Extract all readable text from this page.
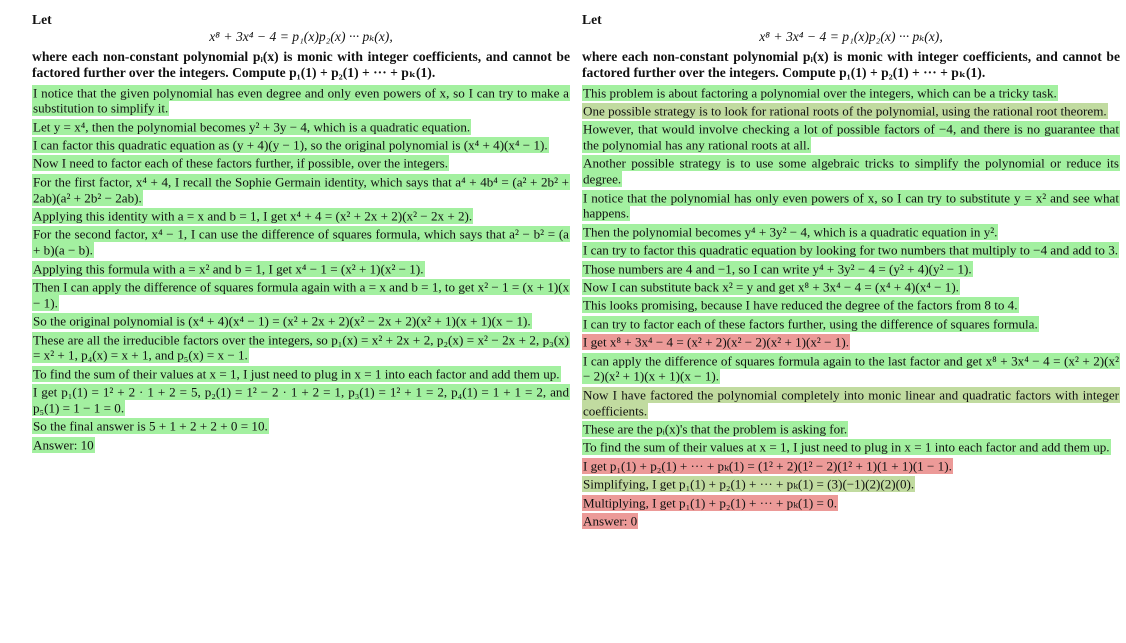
Let
x⁸ + 3x⁴ − 4 = p₁(x)p₂(x) ··· pₖ(x),
where each non-constant polynomial pᵢ(x) is monic with integer coefficients, and cannot be factored further over the integers. Compute p₁(1) + p₂(1) + ··· + pₖ(1).
I notice that the given polynomial has even degree and only even powers of x, so I can try to make a substitution to simplify it.
Let y = x⁴, then the polynomial becomes y² + 3y − 4, which is a quadratic equation.
I can factor this quadratic equation as (y + 4)(y − 1), so the original polynomial is (x⁴ + 4)(x⁴ − 1).
Now I need to factor each of these factors further, if possible, over the integers.
For the first factor, x⁴ + 4, I recall the Sophie Germain identity, which says that a⁴ + 4b⁴ = (a² + 2b² + 2ab)(a² + 2b² − 2ab).
Applying this identity with a = x and b = 1, I get x⁴ + 4 = (x² + 2x + 2)(x² − 2x + 2).
For the second factor, x⁴ − 1, I can use the difference of squares formula, which says that a² − b² = (a + b)(a − b).
Applying this formula with a = x² and b = 1, I get x⁴ − 1 = (x² + 1)(x² − 1).
Then I can apply the difference of squares formula again with a = x and b = 1, to get x² − 1 = (x + 1)(x − 1).
So the original polynomial is (x⁴ + 4)(x⁴ − 1) = (x² + 2x + 2)(x² − 2x + 2)(x² + 1)(x + 1)(x − 1).
These are all the irreducible factors over the integers, so p₁(x) = x² + 2x + 2, p₂(x) = x² − 2x + 2, p₃(x) = x² + 1, p₄(x) = x + 1, and p₅(x) = x − 1.
To find the sum of their values at x = 1, I just need to plug in x = 1 into each factor and add them up.
I get p₁(1) = 1² + 2 · 1 + 2 = 5, p₂(1) = 1² − 2 · 1 + 2 = 1, p₃(1) = 1² + 1 = 2, p₄(1) = 1 + 1 = 2, and p₅(1) = 1 − 1 = 0.
So the final answer is 5 + 1 + 2 + 2 + 0 = 10.
Answer: 10
Let
x⁸ + 3x⁴ − 4 = p₁(x)p₂(x) ··· pₖ(x),
where each non-constant polynomial pᵢ(x) is monic with integer coefficients, and cannot be factored further over the integers. Compute p₁(1) + p₂(1) + ··· + pₖ(1).
This problem is about factoring a polynomial over the integers, which can be a tricky task.
One possible strategy is to look for rational roots of the polynomial, using the rational root theorem.
However, that would involve checking a lot of possible factors of −4, and there is no guarantee that the polynomial has any rational roots at all.
Another possible strategy is to use some algebraic tricks to simplify the polynomial or reduce its degree.
I notice that the polynomial has only even powers of x, so I can try to substitute y = x² and see what happens.
Then the polynomial becomes y⁴ + 3y² − 4, which is a quadratic equation in y².
I can try to factor this quadratic equation by looking for two numbers that multiply to −4 and add to 3.
Those numbers are 4 and −1, so I can write y⁴ + 3y² − 4 = (y² + 4)(y² − 1).
Now I can substitute back x² = y and get x⁸ + 3x⁴ − 4 = (x⁴ + 4)(x⁴ − 1).
This looks promising, because I have reduced the degree of the factors from 8 to 4.
I can try to factor each of these factors further, using the difference of squares formula.
I get x⁸ + 3x⁴ − 4 = (x² + 2)(x² − 2)(x² + 1)(x² − 1).
I can apply the difference of squares formula again to the last factor and get x⁸ + 3x⁴ − 4 = (x² + 2)(x² − 2)(x² + 1)(x + 1)(x − 1).
Now I have factored the polynomial completely into monic linear and quadratic factors with integer coefficients.
These are the pᵢ(x)'s that the problem is asking for.
To find the sum of their values at x = 1, I just need to plug in x = 1 into each factor and add them up.
I get p₁(1) + p₂(1) + ··· + pₖ(1) = (1² + 2)(1² − 2)(1² + 1)(1 + 1)(1 − 1).
Simplifying, I get p₁(1) + p₂(1) + ··· + pₖ(1) = (3)(−1)(2)(2)(0).
Multiplying, I get p₁(1) + p₂(1) + ··· + pₖ(1) = 0.
Answer: 0
